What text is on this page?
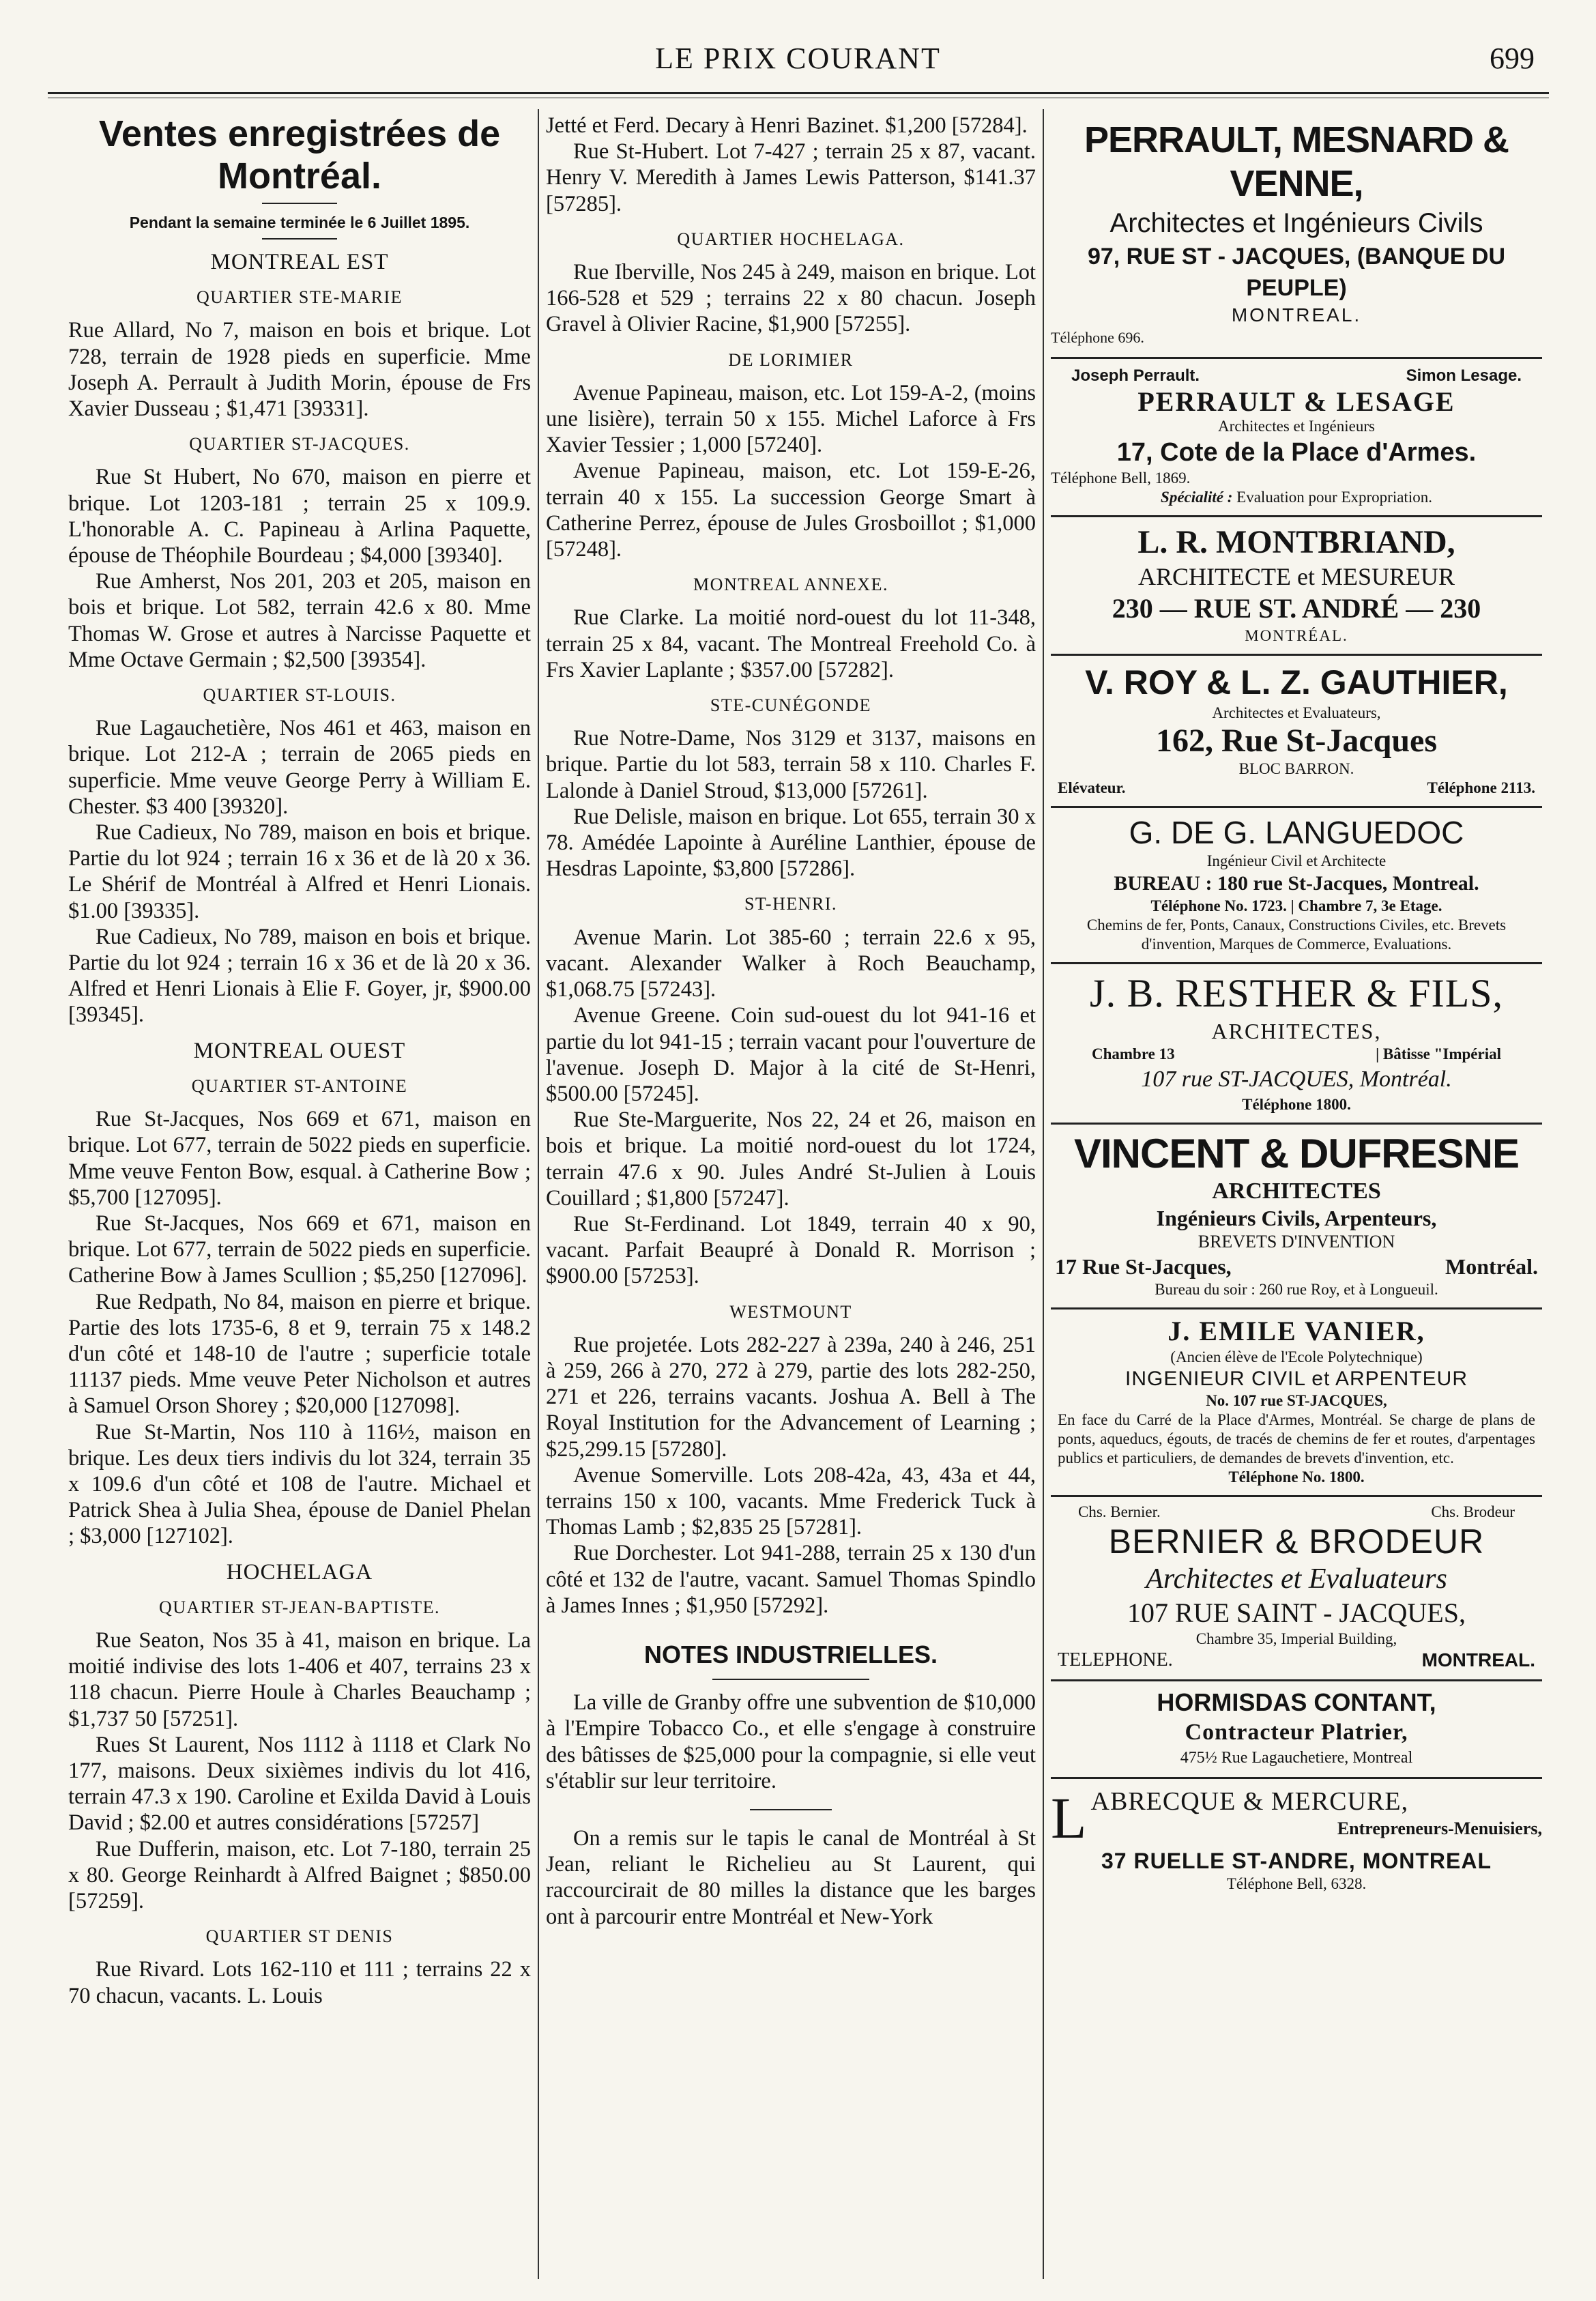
LE PRIX COURANT	699
Ventes enregistrées de Montréal.
Pendant la semaine terminée le 6 Juillet 1895.
MONTREAL EST
QUARTIER STE-MARIE

Rue Allard, No 7, maison en bois et brique. Lot 728, terrain de 1928 pieds en superficie. Mme Joseph A. Perrault à Judith Morin, épouse de Frs Xavier Dusseau ; $1,471 [39331].

QUARTIER ST-JACQUES.

Rue St Hubert, No 670, maison en pierre et brique. Lot 1203-181 ; terrain 25 x 109.9. L'honorable A. C. Papineau à Arlina Paquette, épouse de Théophile Bourdeau ; $4,000 [39340].

Rue Amherst, Nos 201, 203 et 205, maison en bois et brique. Lot 582, terrain 42.6 x 80. Mme Thomas W. Grose et autres à Narcisse Paquette et Mme Octave Germain ; $2,500 [39354].

QUARTIER ST-LOUIS.

Rue Lagauchetière, Nos 461 et 463, maison en brique. Lot 212-A ; terrain de 2065 pieds en superficie. Mme veuve George Perry à William E. Chester. $3 400 [39320].

Rue Cadieux, No 789, maison en bois et brique. Partie du lot 924 ; terrain 16 x 36 et de là 20 x 36. Le Shérif de Montréal à Alfred et Henri Lionais. $1.00 [39335].

Rue Cadieux, No 789, maison en bois et brique. Partie du lot 924 ; terrain 16 x 36 et de là 20 x 36. Alfred et Henri Lionais à Elie F. Goyer, jr, $900.00 [39345].

MONTREAL OUEST
QUARTIER ST-ANTOINE

Rue St-Jacques, Nos 669 et 671, maison en brique. Lot 677, terrain de 5022 pieds en superficie. Mme veuve Fenton Bow, esqual. à Catherine Bow ; $5,700 [127095].

Rue St-Jacques, Nos 669 et 671, maison en brique. Lot 677, terrain de 5022 pieds en superficie. Catherine Bow à James Scullion ; $5,250 [127096].

Rue Redpath, No 84, maison en pierre et brique. Partie des lots 1735-6, 8 et 9, terrain 75 x 148.2 d'un côté et 148-10 de l'autre ; superficie totale 11137 pieds. Mme veuve Peter Nicholson et autres à Samuel Orson Shorey ; $20,000 [127098].

Rue St-Martin, Nos 110 à 116½, maison en brique. Les deux tiers indivis du lot 324, terrain 35 x 109.6 d'un côté et 108 de l'autre. Michael et Patrick Shea à Julia Shea, épouse de Daniel Phelan ; $3,000 [127102].

HOCHELAGA
QUARTIER ST-JEAN-BAPTISTE.

Rue Seaton, Nos 35 à 41, maison en brique. La moitié indivise des lots 1-406 et 407, terrains 23 x 118 chacun. Pierre Houle à Charles Beauchamp ; $1,737 50 [57251].

Rues St Laurent, Nos 1112 à 1118 et Clark No 177, maisons. Deux sixièmes indivis du lot 416, terrain 47.3 x 190. Caroline et Exilda David à Louis David ; $2.00 et autres considérations [57257]

Rue Dufferin, maison, etc. Lot 7-180, terrain 25 x 80. George Reinhardt à Alfred Baignet ; $850.00 [57259].

QUARTIER ST DENIS

Rue Rivard. Lots 162-110 et 111 ; terrains 22 x 70 chacun, vacants. L. Louis

Jetté et Ferd. Decary à Henri Bazinet. $1,200 [57284].

Rue St-Hubert. Lot 7-427 ; terrain 25 x 87, vacant. Henry V. Meredith à James Lewis Patterson, $141.37 [57285].

QUARTIER HOCHELAGA.

Rue Iberville, Nos 245 à 249, maison en brique. Lot 166-528 et 529 ; terrains 22 x 80 chacun. Joseph Gravel à Olivier Racine, $1,900 [57255].

DE LORIMIER

Avenue Papineau, maison, etc. Lot 159-A-2, (moins une lisière), terrain 50 x 155. Michel Laforce à Frs Xavier Tessier ; 1,000 [57240].

Avenue Papineau, maison, etc. Lot 159-E-26, terrain 40 x 155. La succession George Smart à Catherine Perrez, épouse de Jules Grosboillot ; $1,000 [57248].

MONTREAL ANNEXE.

Rue Clarke. La moitié nord-ouest du lot 11-348, terrain 25 x 84, vacant. The Montreal Freehold Co. à Frs Xavier Laplante ; $357.00 [57282].

STE-CUNÉGONDE

Rue Notre-Dame, Nos 3129 et 3137, maisons en brique. Partie du lot 583, terrain 58 x 110. Charles F. Lalonde à Daniel Stroud, $13,000 [57261].

Rue Delisle, maison en brique. Lot 655, terrain 30 x 78. Amédée Lapointe à Auréline Lanthier, épouse de Hesdras Lapointe, $3,800 [57286].

ST-HENRI.

Avenue Marin. Lot 385-60 ; terrain 22.6 x 95, vacant. Alexander Walker à Roch Beauchamp, $1,068.75 [57243].

Avenue Greene. Coin sud-ouest du lot 941-16 et partie du lot 941-15 ; terrain vacant pour l'ouverture de l'avenue. Joseph D. Major à la cité de St-Henri, $500.00 [57245].

Rue Ste-Marguerite, Nos 22, 24 et 26, maison en bois et brique. La moitié nord-ouest du lot 1724, terrain 47.6 x 90. Jules André St-Julien à Louis Couillard ; $1,800 [57247].

Rue St-Ferdinand. Lot 1849, terrain 40 x 90, vacant. Parfait Beaupré à Donald R. Morrison ; $900.00 [57253].

WESTMOUNT

Rue projetée. Lots 282-227 à 239a, 240 à 246, 251 à 259, 266 à 270, 272 à 279, partie des lots 282-250, 271 et 226, terrains vacants. Joshua A. Bell à The Royal Institution for the Advancement of Learning ; $25,299.15 [57280].

Avenue Somerville. Lots 208-42a, 43, 43a et 44, terrains 150 x 100, vacants. Mme Frederick Tuck à Thomas Lamb ; $2,835 25 [57281].

Rue Dorchester. Lot 941-288, terrain 25 x 130 d'un côté et 132 de l'autre, vacant. Samuel Thomas Spindlo à James Innes ; $1,950 [57292].

NOTES INDUSTRIELLES.

La ville de Granby offre une subvention de $10,000 à l'Empire Tobacco Co., et elle s'engage à construire des bâtisses de $25,000 pour la compagnie, si elle veut s'établir sur leur territoire.

On a remis sur le tapis le canal de Montréal à St Jean, reliant le Richelieu au St Laurent, qui raccourcirait de 80 milles la distance que les barges ont à parcourir entre Montréal et New-York

PERRAULT, MESNARD & VENNE,
Architectes et Ingénieurs Civils
97, RUE ST - JACQUES, (BANQUE DU PEUPLE)
MONTREAL.
Téléphone 696.
Joseph Perrault.	Simon Lesage.
PERRAULT & LESAGE
Architectes et Ingénieurs
17, Cote de la Place d'Armes.
Téléphone Bell, 1869.
Spécialité : Evaluation pour Expropriation.
L. R. MONTBRIAND,
ARCHITECTE et MESUREUR
230 — RUE ST. ANDRÉ — 230
MONTRÉAL.
V. ROY & L. Z. GAUTHIER,
Architectes et Evaluateurs,
162, Rue St-Jacques
BLOC BARRON.
Elévateur.	Téléphone 2113.
G. DE G. LANGUEDOC
Ingénieur Civil et Architecte
BUREAU : 180 rue St-Jacques, Montreal.
Téléphone No. 1723. | Chambre 7, 3e Etage.
Chemins de fer, Ponts, Canaux, Constructions Civiles, etc. Brevets d'invention, Marques de Commerce, Evaluations.
J. B. RESTHER & FILS,
ARCHITECTES,
Chambre 13	| Bâtisse "Impérial
107 rue ST-JACQUES, Montréal.
Téléphone 1800.
VINCENT & DUFRESNE
ARCHITECTES
Ingénieurs Civils, Arpenteurs,
BREVETS D'INVENTION
17 Rue St-Jacques,	Montréal.
Bureau du soir : 260 rue Roy, et à Longueuil.
J. EMILE VANIER,
(Ancien élève de l'Ecole Polytechnique)
INGENIEUR CIVIL et ARPENTEUR
No. 107 rue ST-JACQUES,
En face du Carré de la Place d'Armes, Montréal. Se charge de plans de ponts, aqueducs, égouts, de tracés de chemins de fer et routes, d'arpentages publics et particuliers, de demandes de brevets d'invention, etc.
Téléphone No. 1800.
Chs. Bernier.	Chs. Brodeur
BERNIER & BRODEUR
Architectes et Evaluateurs
107 RUE SAINT - JACQUES,
Chambre 35, Imperial Building,
TELEPHONE.	MONTREAL.
HORMISDAS CONTANT,
Contracteur Platrier,
475½ Rue Lagauchetiere, Montreal
L ABRECQUE & MERCURE,
Entrepreneurs-Menuisiers,
37 RUELLE ST-ANDRE, MONTREAL
Téléphone Bell, 6328.
